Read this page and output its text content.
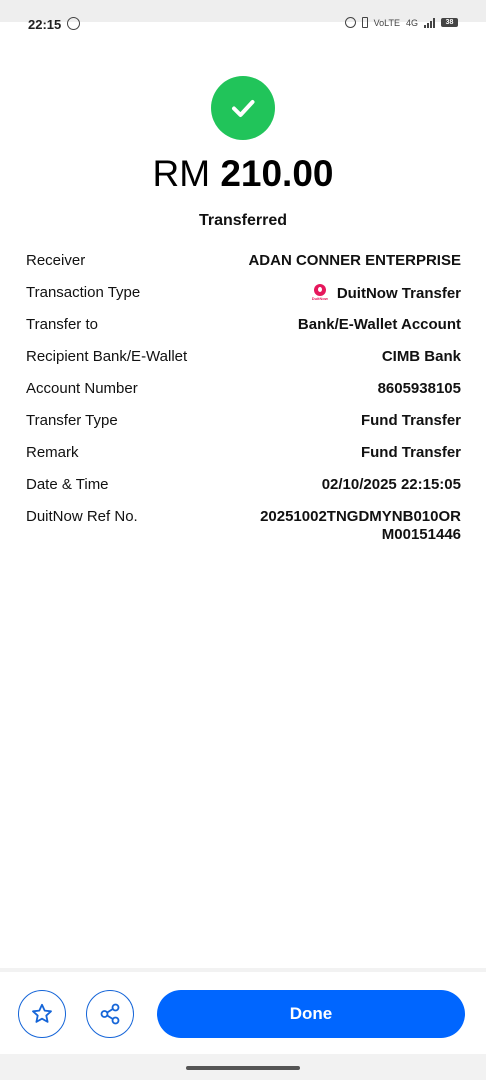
22:15	VoLTE 4G	38
RM 210.00
Transferred
Receiver	ADAN CONNER ENTERPRISE
Transaction Type	DuitNow DuitNow Transfer
Transfer to	Bank/E-Wallet Account
Recipient Bank/E-Wallet	CIMB Bank
Account Number	8605938105
Transfer Type	Fund Transfer
Remark	Fund Transfer
Date & Time	02/10/2025 22:15:05
DuitNow Ref No.	20251002TNGDMYNB010ORM00151446
Done
